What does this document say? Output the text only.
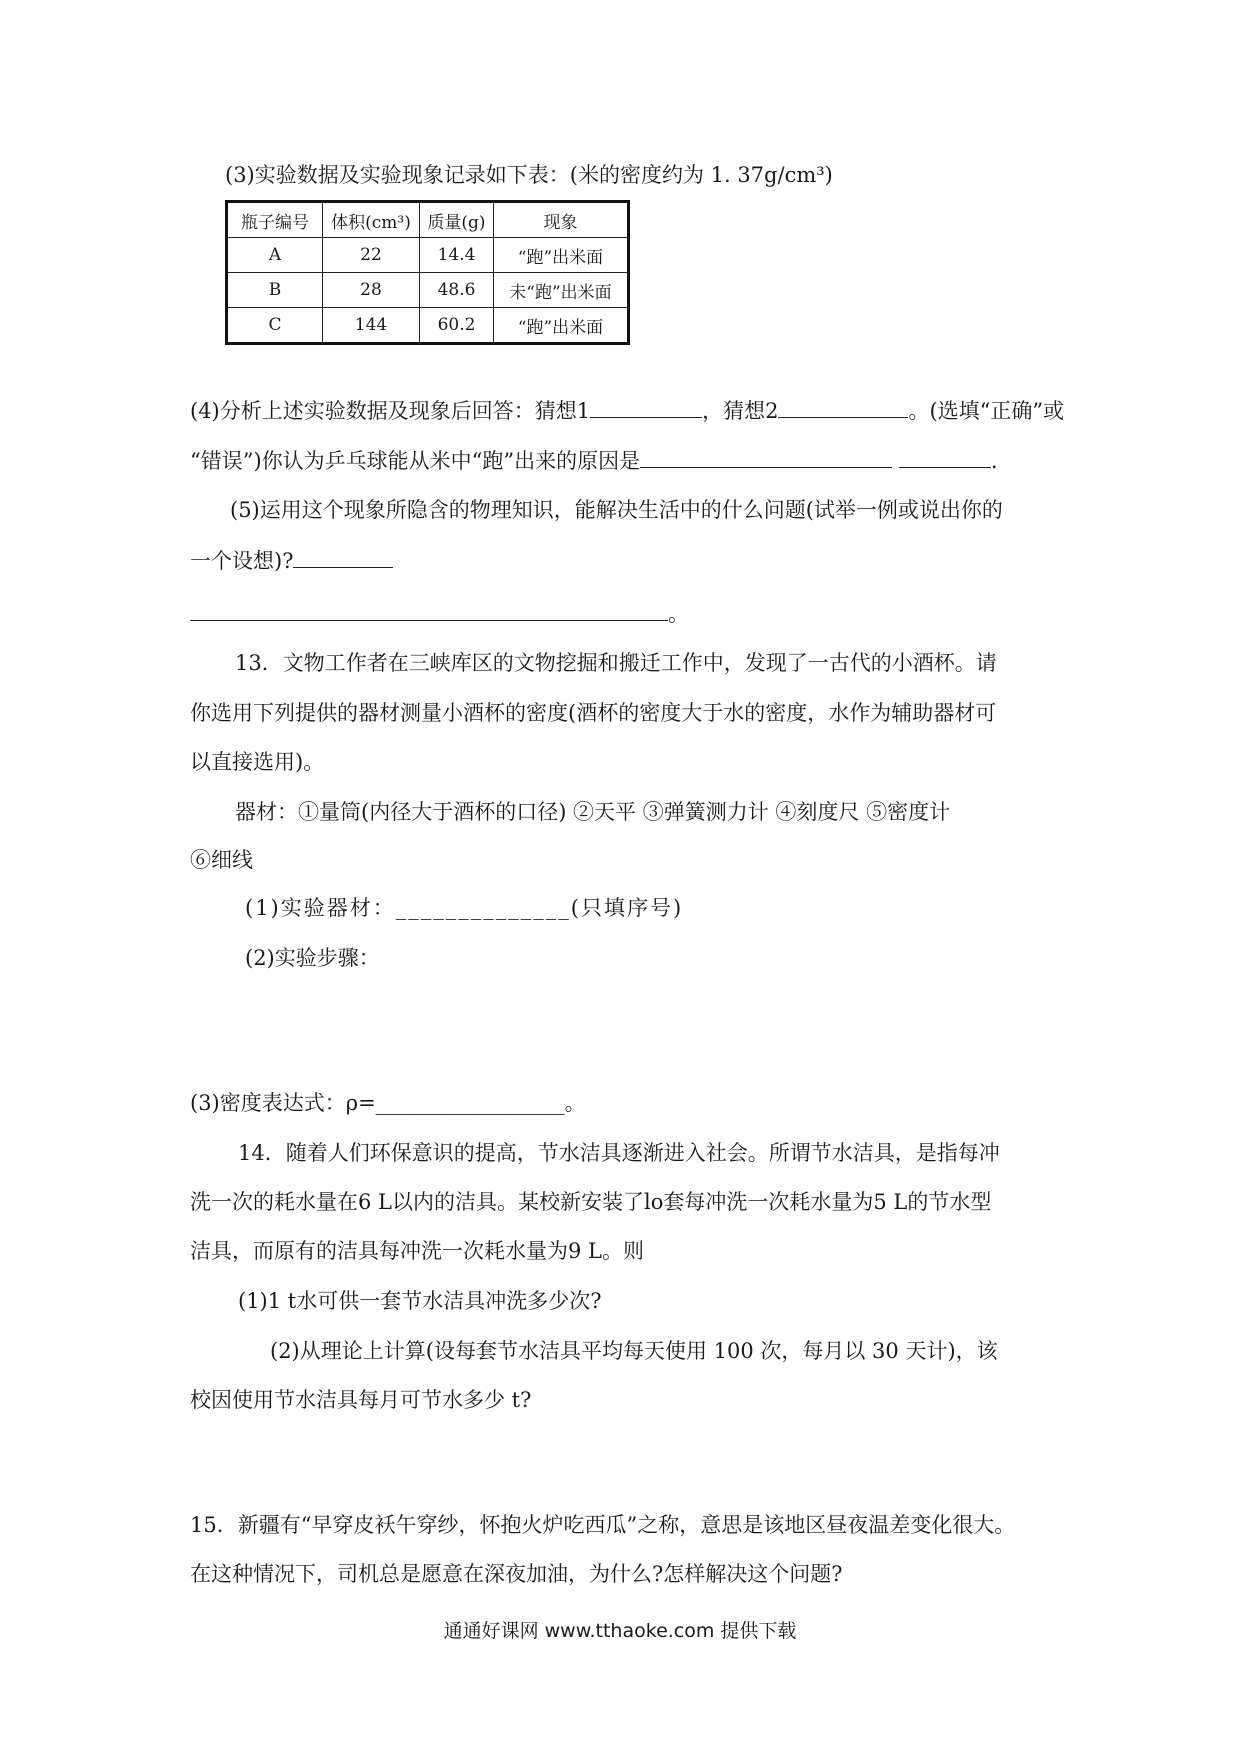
(3)实验数据及实验现象记录如下表：(米的密度约为 1. 37g/cm³)
瓶子编号	体积(cm³)	质量(g)	现象
A	22	14.4	“跑”出米面
B	28	48.6	未“跑”出米面
C	144	60.2	“跑”出米面
(4)分析上述实验数据及现象后回答：猜想1	，猜想2	。(选填“正确”或
“错误”)你认为乒乓球能从米中“跑”出来的原因是	.
(5)运用这个现象所隐含的物理知识，能解决生活中的什么问题(试举一例或说出你的
一个设想)?
。
13．文物工作者在三峡库区的文物挖掘和搬迁工作中，发现了一古代的小酒杯。请
你选用下列提供的器材测量小酒杯的密度(酒杯的密度大于水的密度，水作为辅助器材可
以直接选用)。
器材：①量筒(内径大于酒杯的口径) ②天平 ③弹簧测力计 ④刻度尺 ⑤密度计
⑥细线
(1)实验器材：______________(只填序号)
(2)实验步骤：
(3)密度表达式：ρ=__________________。
14．随着人们环保意识的提高，节水洁具逐渐进入社会。所谓节水洁具，是指每冲
洗一次的耗水量在6 L以内的洁具。某校新安装了lo套每冲洗一次耗水量为5 L的节水型
洁具，而原有的洁具每冲洗一次耗水量为9 L。则
(1)1 t水可供一套节水洁具冲洗多少次?
(2)从理论上计算(设每套节水洁具平均每天使用 100 次，每月以 30 天计)，该
校因使用节水洁具每月可节水多少 t?
15．新疆有“早穿皮袄午穿纱，怀抱火炉吃西瓜”之称，意思是该地区昼夜温差变化很大。
在这种情况下，司机总是愿意在深夜加油，为什么?怎样解决这个问题?
通通好课网 www.tthaoke.com 提供下载
